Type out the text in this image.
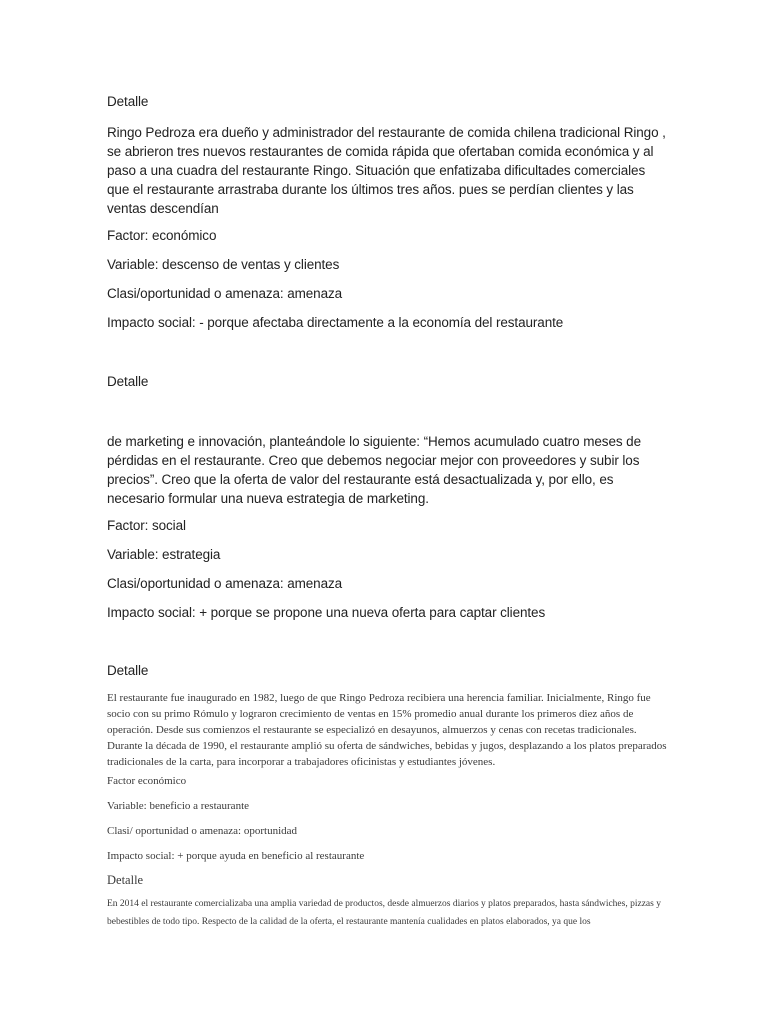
Detalle

Ringo Pedroza era dueño y administrador del restaurante de comida chilena tradicional Ringo , se abrieron tres nuevos restaurantes de comida rápida que ofertaban comida económica y al paso a una cuadra del restaurante Ringo. Situación que enfatizaba dificultades comerciales que el restaurante arrastraba durante los últimos tres años. pues se perdían clientes y las ventas descendían

Factor: económico
Variable: descenso de ventas y clientes
Clasi/oportunidad o amenaza: amenaza
Impacto social: - porque afectaba directamente a la economía del restaurante
Detalle

de marketing e innovación, planteándole lo siguiente: “Hemos acumulado cuatro meses de pérdidas en el restaurante. Creo que debemos negociar mejor con proveedores y subir los precios”. Creo que la oferta de valor del restaurante está desactualizada y, por ello, es necesario formular una nueva estrategia de marketing.

Factor: social
Variable: estrategia
Clasi/oportunidad o amenaza: amenaza
Impacto social: + porque se propone una nueva oferta para captar clientes
Detalle

El restaurante fue inaugurado en 1982, luego de que Ringo Pedroza recibiera una herencia familiar. Inicialmente, Ringo fue socio con su primo Rómulo y lograron crecimiento de ventas en 15% promedio anual durante los primeros diez años de operación. Desde sus comienzos el restaurante se especializó en desayunos, almuerzos y cenas con recetas tradicionales. Durante la década de 1990, el restaurante amplió su oferta de sándwiches, bebidas y jugos, desplazando a los platos preparados tradicionales de la carta, para incorporar a trabajadores oficinistas y estudiantes jóvenes.

Factor económico
Variable: beneficio a restaurante
Clasi/ oportunidad o amenaza: oportunidad
Impacto social: + porque ayuda en beneficio al restaurante
Detalle

En 2014 el restaurante comercializaba una amplia variedad de productos, desde almuerzos diarios y platos preparados, hasta sándwiches, pizzas y bebestibles de todo tipo. Respecto de la calidad de la oferta, el restaurante mantenía cualidades en platos elaborados, ya que los
